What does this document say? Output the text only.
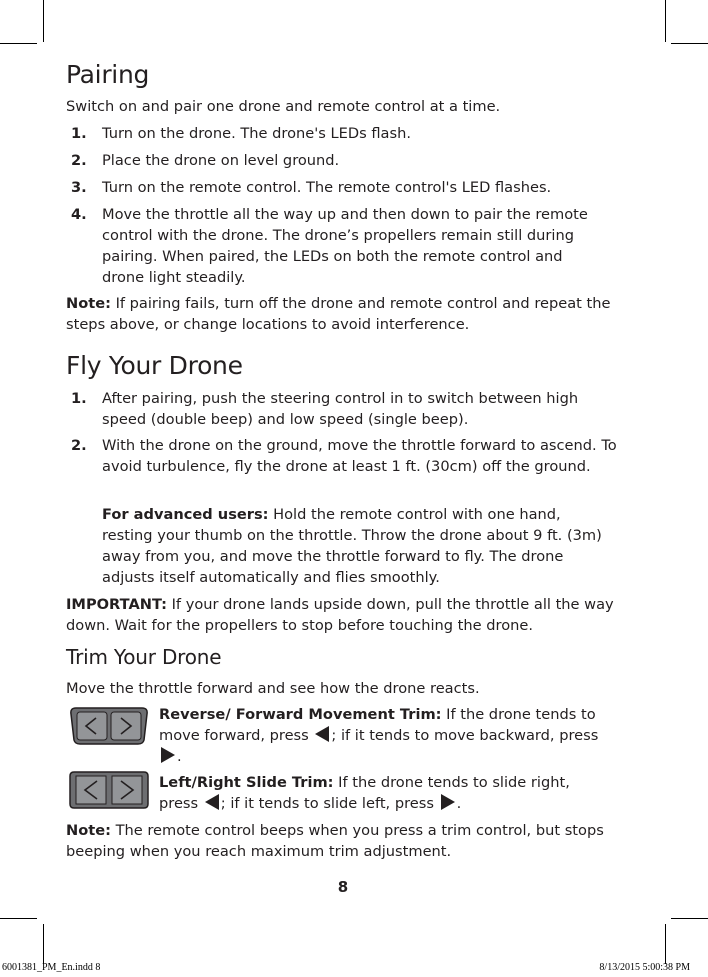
Pairing

Switch on and pair one drone and remote control at a time.

1. Turn on the drone. The drone's LEDs flash.

2. Place the drone on level ground.

3. Turn on the remote control. The remote control's LED flashes.

4. Move the throttle all the way up and then down to pair the remote control with the drone. The drone’s propellers remain still during pairing. When paired, the LEDs on both the remote control and drone light steadily.

Note: If pairing fails, turn off the drone and remote control and repeat the steps above, or change locations to avoid interference.

Fly Your Drone
1. After pairing, push the steering control in to switch between high speed (double beep) and low speed (single beep).

2. With the drone on the ground, move the throttle forward to ascend. To avoid turbulence, fly the drone at least 1 ft. (30cm) off the ground.

For advanced users: Hold the remote control with one hand, resting your thumb on the throttle. Throw the drone about 9 ft. (3m) away from you, and move the throttle forward to fly. The drone adjusts itself automatically and flies smoothly.

IMPORTANT: If your drone lands upside down, pull the throttle all the way down. Wait for the propellers to stop before touching the drone.

Trim Your Drone

Move the throttle forward and see how the drone reacts.

Reverse/ Forward Movement Trim: If the drone tends to move forward, press ; if it tends to move backward, press .

Left/Right Slide Trim: If the drone tends to slide right, press ; if it tends to slide left, press .

Note: The remote control beeps when you press a trim control, but stops beeping when you reach maximum trim adjustment.

8
6001381_PM_En.indd 8	8/13/2015 5:00:38 PM
